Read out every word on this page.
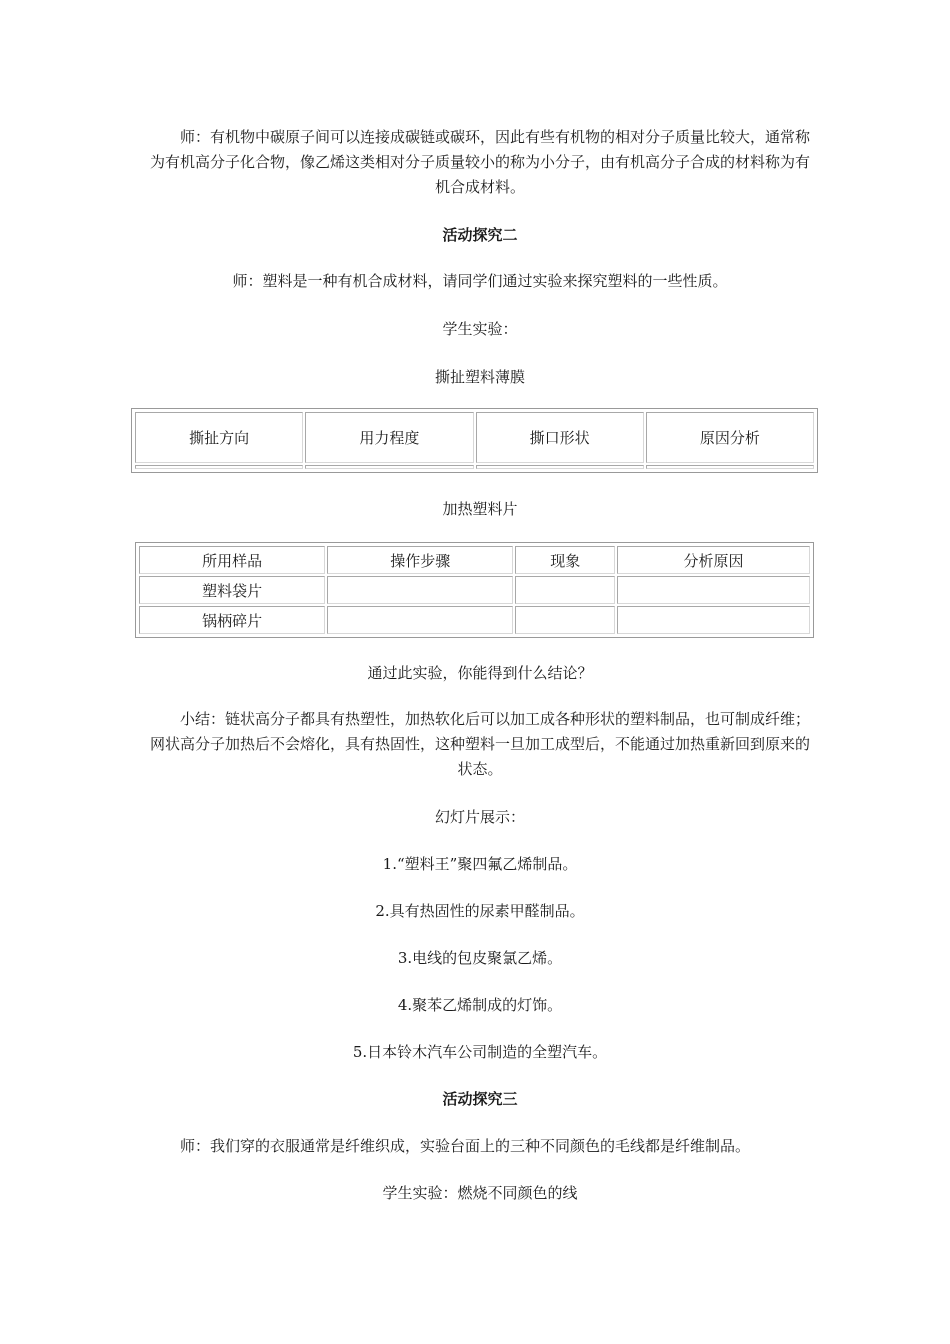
师：有机物中碳原子间可以连接成碳链或碳环，因此有些有机物的相对分子质量比较大，通常称为有机高分子化合物，像乙烯这类相对分子质量较小的称为小分子，由有机高分子合成的材料称为有机合成材料。
活动探究二
师：塑料是一种有机合成材料，请同学们通过实验来探究塑料的一些性质。
学生实验：
撕扯塑料薄膜
撕扯方向	用力程度	撕口形状	原因分析

加热塑料片
所用样品	操作步骤	现象	分析原因
塑料袋片			
锅柄碎片			
通过此实验，你能得到什么结论？
小结：链状高分子都具有热塑性，加热软化后可以加工成各种形状的塑料制品，也可制成纤维；网状高分子加热后不会熔化，具有热固性，这种塑料一旦加工成型后，不能通过加热重新回到原来的状态。
幻灯片展示：
1.“塑料王”聚四氟乙烯制品。
2.具有热固性的尿素甲醛制品。
3.电线的包皮聚氯乙烯。
4.聚苯乙烯制成的灯饰。
5.日本铃木汽车公司制造的全塑汽车。
活动探究三
师：我们穿的衣服通常是纤维织成，实验台面上的三种不同颜色的毛线都是纤维制品。
学生实验：燃烧不同颜色的线
